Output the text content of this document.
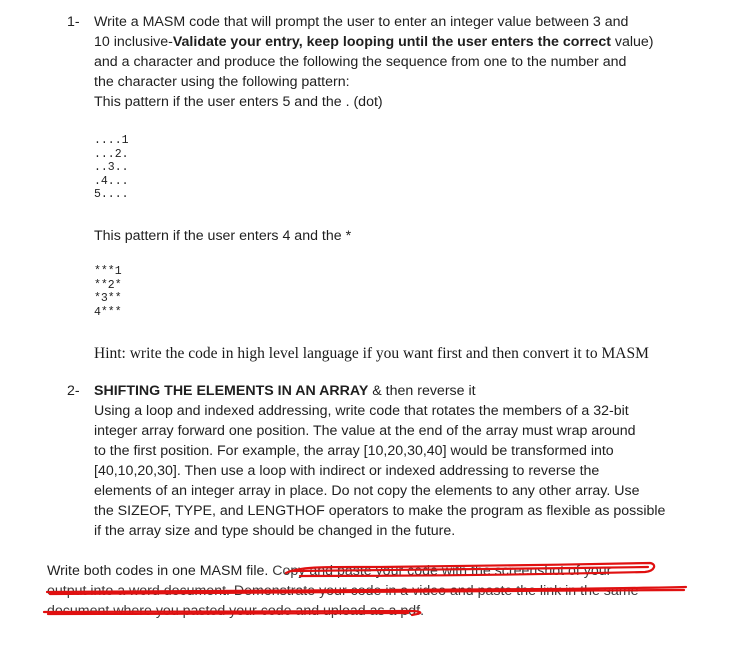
1- Write a MASM code that will prompt the user to enter an integer value between 3 and
10 inclusive-Validate your entry, keep looping until the user enters the correct value)
and a character and produce the following the sequence from one to the number and
the character using the following pattern:
This pattern if the user enters 5 and the . (dot)
....1
...2.
..3..
.4...
5....
This pattern if the user enters 4 and the *
***1
**2*
*3**
4***
Hint: write the code in high level language if you want first and then convert it to MASM
2- SHIFTING THE ELEMENTS IN AN ARRAY & then reverse it
Using a loop and indexed addressing, write code that rotates the members of a 32-bit
integer array forward one position. The value at the end of the array must wrap around
to the first position. For example, the array [10,20,30,40] would be transformed into
[40,10,20,30]. Then use a loop with indirect or indexed addressing to reverse the
elements of an integer array in place. Do not copy the elements to any other array. Use
the SIZEOF, TYPE, and LENGTHOF operators to make the program as flexible as possible
if the array size and type should be changed in the future.
Write both codes in one MASM file. Copy and paste your code with the screenshot of your
output into a word document. Demonstrate your code in a video and paste the link in the same
document where you pasted your code and upload as a pdf.
